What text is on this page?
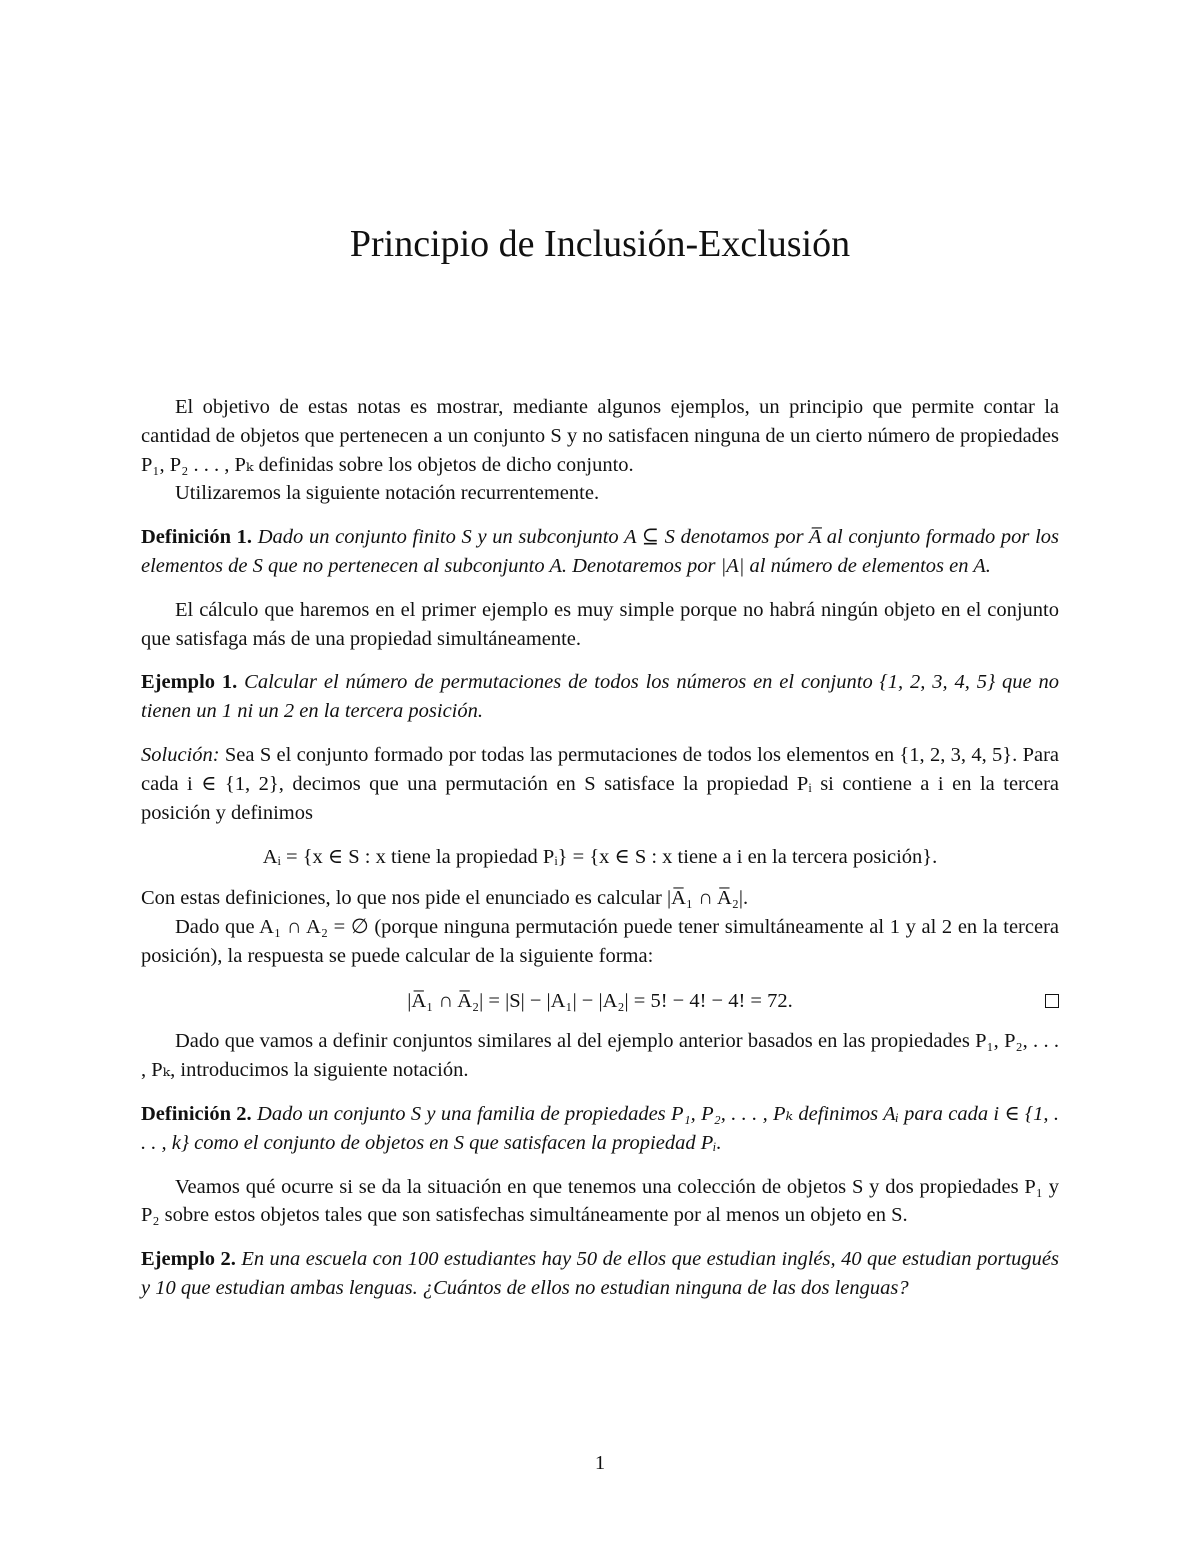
Principio de Inclusión-Exclusión

El objetivo de estas notas es mostrar, mediante algunos ejemplos, un principio que permite contar la cantidad de objetos que pertenecen a un conjunto S y no satisfacen ninguna de un cierto número de propiedades P₁, P₂ . . . , Pₖ definidas sobre los objetos de dicho conjunto.

Utilizaremos la siguiente notación recurrentemente.

Definición 1. Dado un conjunto finito S y un subconjunto A ⊆ S denotamos por A̅ al conjunto formado por los elementos de S que no pertenecen al subconjunto A. Denotaremos por |A| al número de elementos en A.

El cálculo que haremos en el primer ejemplo es muy simple porque no habrá ningún objeto en el conjunto que satisfaga más de una propiedad simultáneamente.

Ejemplo 1. Calcular el número de permutaciones de todos los números en el conjunto {1, 2, 3, 4, 5} que no tienen un 1 ni un 2 en la tercera posición.

Solución: Sea S el conjunto formado por todas las permutaciones de todos los elementos en {1, 2, 3, 4, 5}. Para cada i ∈ {1, 2}, decimos que una permutación en S satisface la propiedad Pᵢ si contiene a i en la tercera posición y definimos

Aᵢ = {x ∈ S : x tiene la propiedad Pᵢ} = {x ∈ S : x tiene a i en la tercera posición}.

Con estas definiciones, lo que nos pide el enunciado es calcular |A̅₁ ∩ A̅₂|.

Dado que A₁ ∩ A₂ = ∅ (porque ninguna permutación puede tener simultáneamente al 1 y al 2 en la tercera posición), la respuesta se puede calcular de la siguiente forma:

|A̅₁ ∩ A̅₂| = |S| − |A₁| − |A₂| = 5! − 4! − 4! = 72.

Dado que vamos a definir conjuntos similares al del ejemplo anterior basados en las propiedades P₁, P₂, . . . , Pₖ, introducimos la siguiente notación.

Definición 2. Dado un conjunto S y una familia de propiedades P₁, P₂, . . . , Pₖ definimos Aᵢ para cada i ∈ {1, . . . , k} como el conjunto de objetos en S que satisfacen la propiedad Pᵢ.

Veamos qué ocurre si se da la situación en que tenemos una colección de objetos S y dos propiedades P₁ y P₂ sobre estos objetos tales que son satisfechas simultáneamente por al menos un objeto en S.

Ejemplo 2. En una escuela con 100 estudiantes hay 50 de ellos que estudian inglés, 40 que estudian portugués y 10 que estudian ambas lenguas. ¿Cuántos de ellos no estudian ninguna de las dos lenguas?

1
